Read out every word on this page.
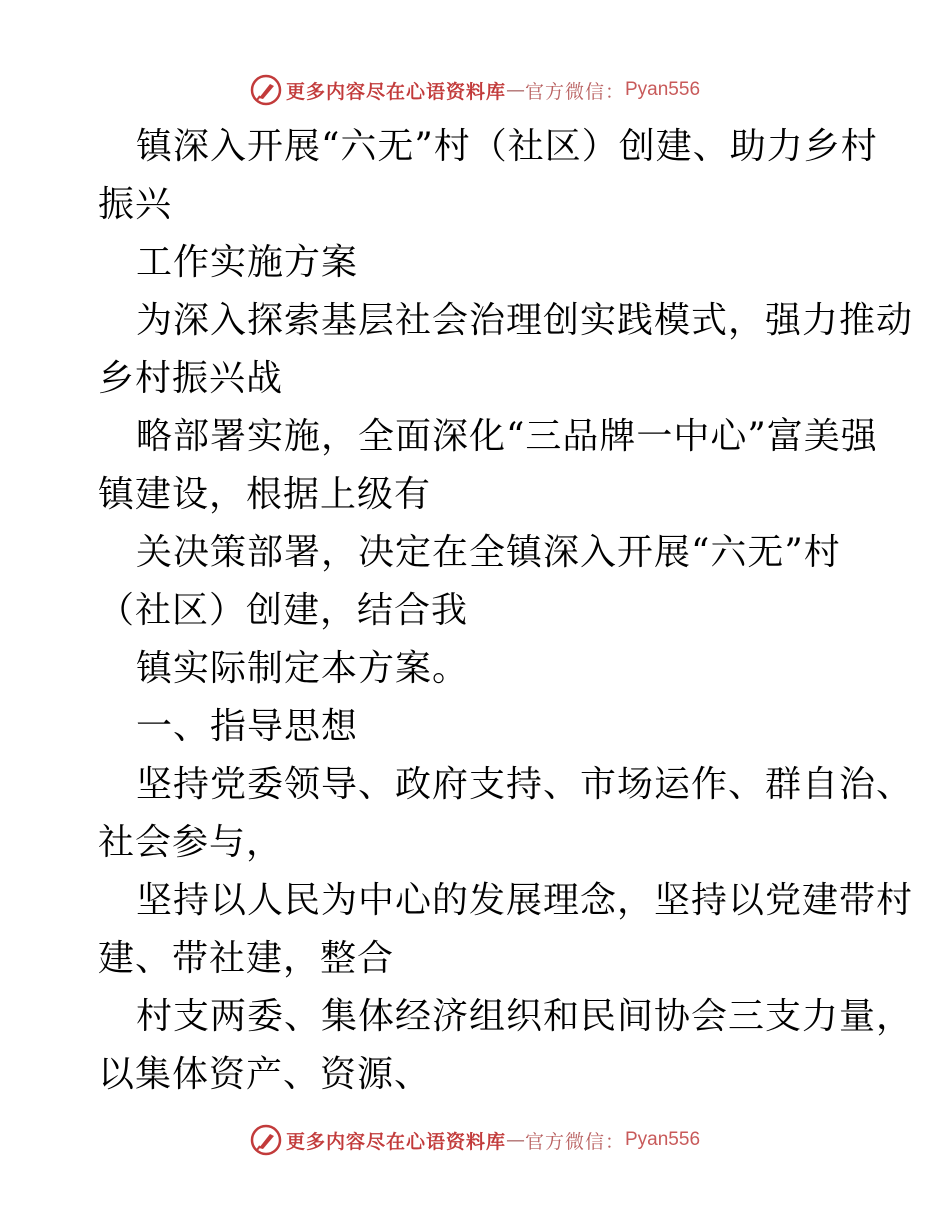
更多内容尽在心语资料库 — 官方微信： Pyan556
镇深入开展“六无”村（社区）创建、助力乡村
振兴
工作实施方案
为深入探索基层社会治理创实践模式，强力推动
乡村振兴战
略部署实施，全面深化“三品牌一中心”富美强
镇建设，根据上级有
关决策部署，决定在全镇深入开展“六无”村
（社区）创建，结合我
镇实际制定本方案。
一、指导思想
坚持党委领导、政府支持、市场运作、群自治、
社会参与，
坚持以人民为中心的发展理念，坚持以党建带村
建、带社建，整合
村支两委、集体经济组织和民间协会三支力量，
以集体资产、资源、
更多内容尽在心语资料库 — 官方微信： Pyan556
